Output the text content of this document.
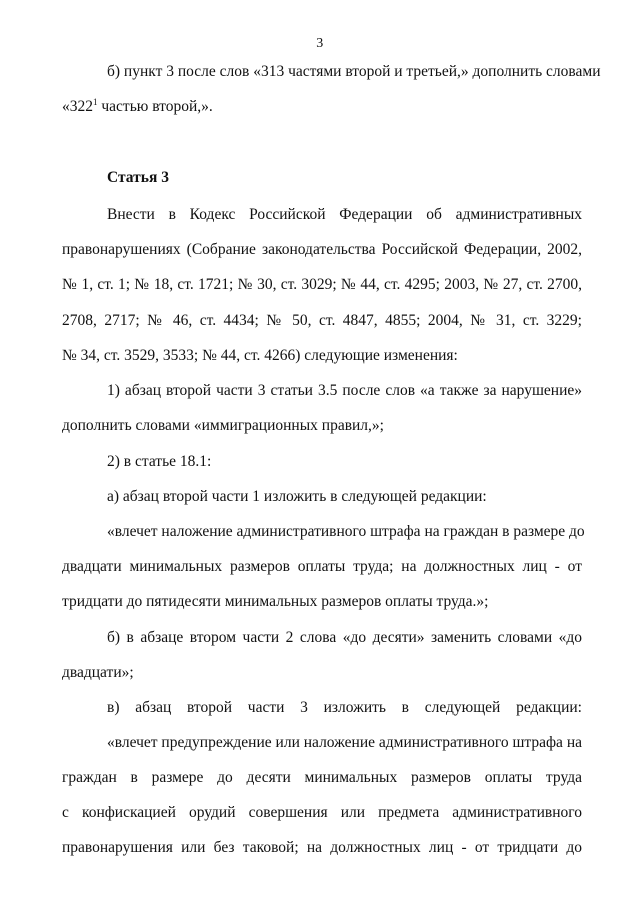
3
б) пункт 3 после слов «313 частями второй и третьей,» дополнить словами
«$322^1$ частью второй,».
Статья 3
Внести в Кодекс Российской Федерации об административных
правонарушениях (Собрание законодательства Российской Федерации, 2002,
№ 1, ст. 1; № 18, ст. 1721; № 30, ст. 3029; № 44, ст. 4295; 2003, № 27, ст. 2700,
2708, 2717; № 46, ст. 4434; № 50, ст. 4847, 4855; 2004, № 31, ст. 3229;
№ 34, ст. 3529, 3533; № 44, ст. 4266) следующие изменения:
1) абзац второй части 3 статьи 3.5 после слов «а также за нарушение»
дополнить словами «иммиграционных правил,»;
2) в статье 18.1:
а) абзац второй части 1 изложить в следующей редакции:
«влечет наложение административного штрафа на граждан в размере до
двадцати минимальных размеров оплаты труда; на должностных лиц - от
тридцати до пятидесяти минимальных размеров оплаты труда.»;
б) в абзаце втором части 2 слова «до десяти» заменить словами «до
двадцати»;
в) абзац второй части 3 изложить в следующей редакции:
«влечет предупреждение или наложение административного штрафа на
граждан в размере до десяти минимальных размеров оплаты труда
с конфискацией орудий совершения или предмета административного
правонарушения или без таковой; на должностных лиц - от тридцати до
